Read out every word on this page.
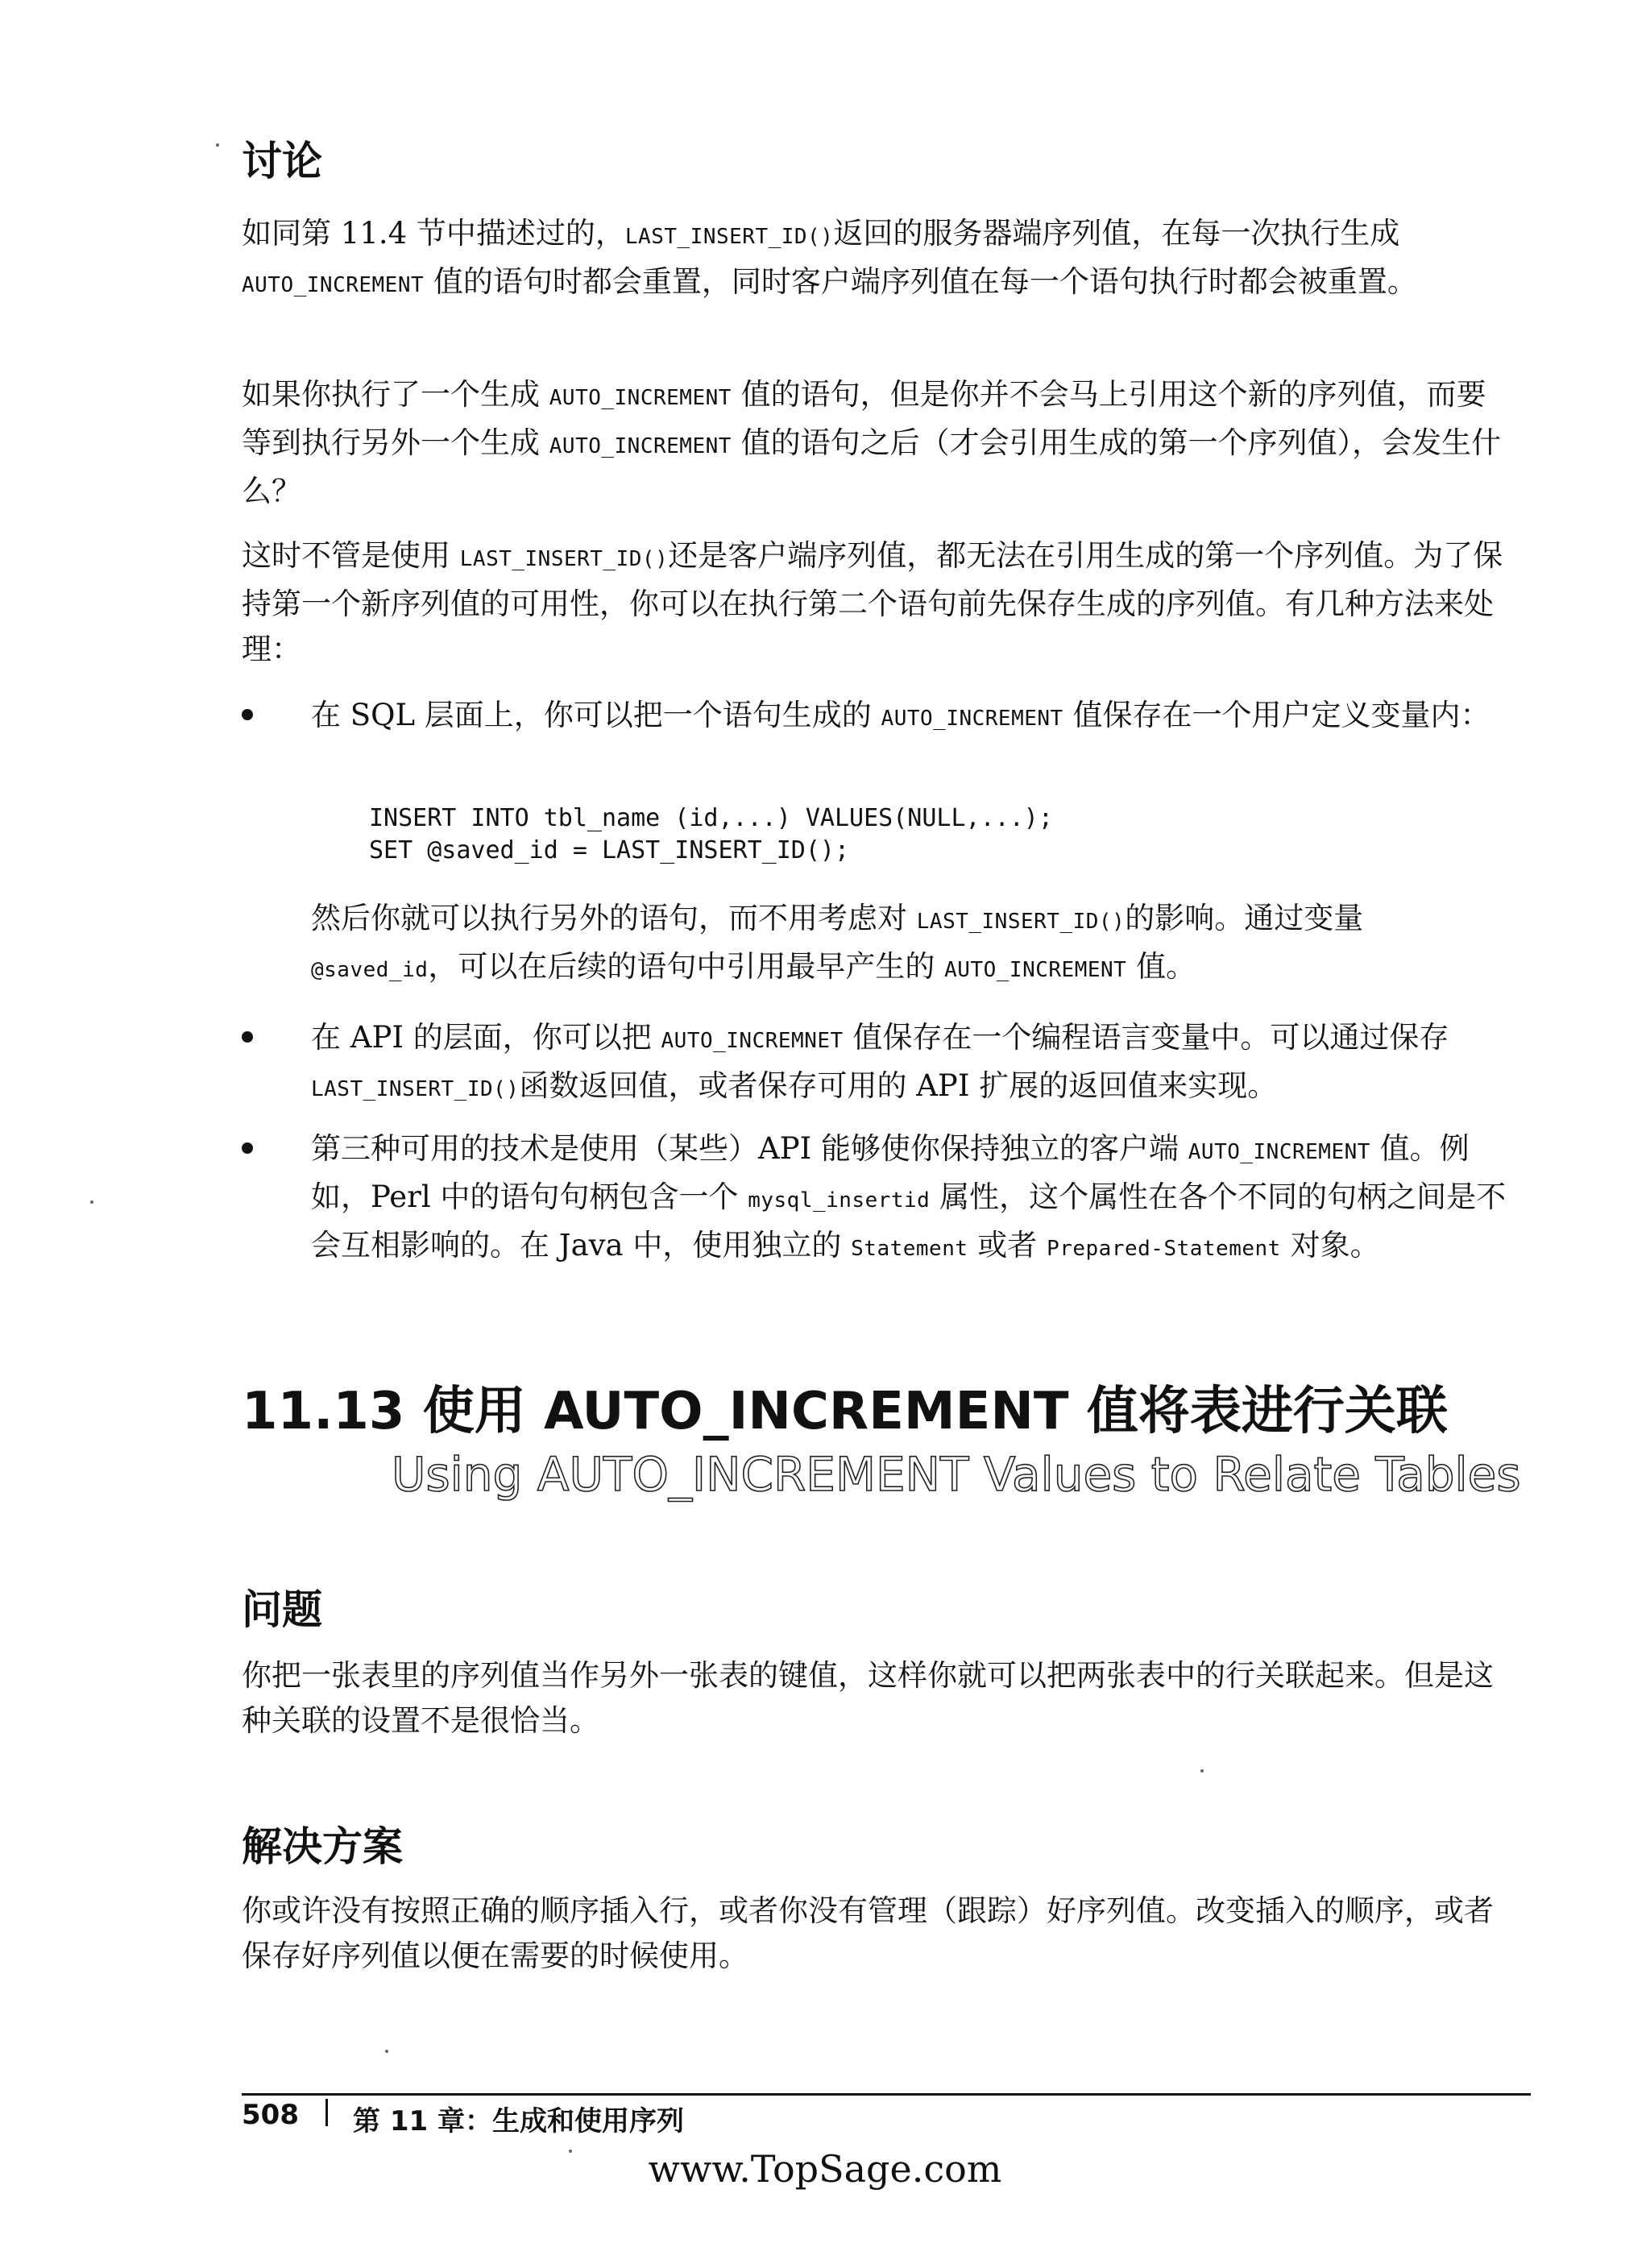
讨论

如同第 11.4 节中描述过的，LAST_INSERT_ID()返回的服务器端序列值，在每一次执行生成 AUTO_INCREMENT 值的语句时都会重置，同时客户端序列值在每一个语句执行时都会被重置。

如果你执行了一个生成 AUTO_INCREMENT 值的语句，但是你并不会马上引用这个新的序列值，而要等到执行另外一个生成 AUTO_INCREMENT 值的语句之后（才会引用生成的第一个序列值），会发生什么？

这时不管是使用 LAST_INSERT_ID()还是客户端序列值，都无法在引用生成的第一个序列值。为了保持第一个新序列值的可用性，你可以在执行第二个语句前先保存生成的序列值。有几种方法来处理：

在 SQL 层面上，你可以把一个语句生成的 AUTO_INCREMENT 值保存在一个用户定义变量内：

INSERT INTO tbl_name (id,...) VALUES(NULL,...);
SET @saved_id = LAST_INSERT_ID();

然后你就可以执行另外的语句，而不用考虑对 LAST_INSERT_ID()的影响。通过变量 @saved_id，可以在后续的语句中引用最早产生的 AUTO_INCREMENT 值。

在 API 的层面，你可以把 AUTO_INCREMNET 值保存在一个编程语言变量中。可以通过保存 LAST_INSERT_ID()函数返回值，或者保存可用的 API 扩展的返回值来实现。

第三种可用的技术是使用（某些）API 能够使你保持独立的客户端 AUTO_INCREMENT 值。例如，Perl 中的语句句柄包含一个 mysql_insertid 属性，这个属性在各个不同的句柄之间是不会互相影响的。在 Java 中，使用独立的 Statement 或者 Prepared-Statement 对象。

11.13 使用 AUTO_INCREMENT 值将表进行关联
Using AUTO_INCREMENT Values to Relate Tables
问题

你把一张表里的序列值当作另外一张表的键值，这样你就可以把两张表中的行关联起来。但是这种关联的设置不是很恰当。

解决方案

你或许没有按照正确的顺序插入行，或者你没有管理（跟踪）好序列值。改变插入的顺序，或者保存好序列值以便在需要的时候使用。

508 第 11 章：生成和使用序列
www.TopSage.com
